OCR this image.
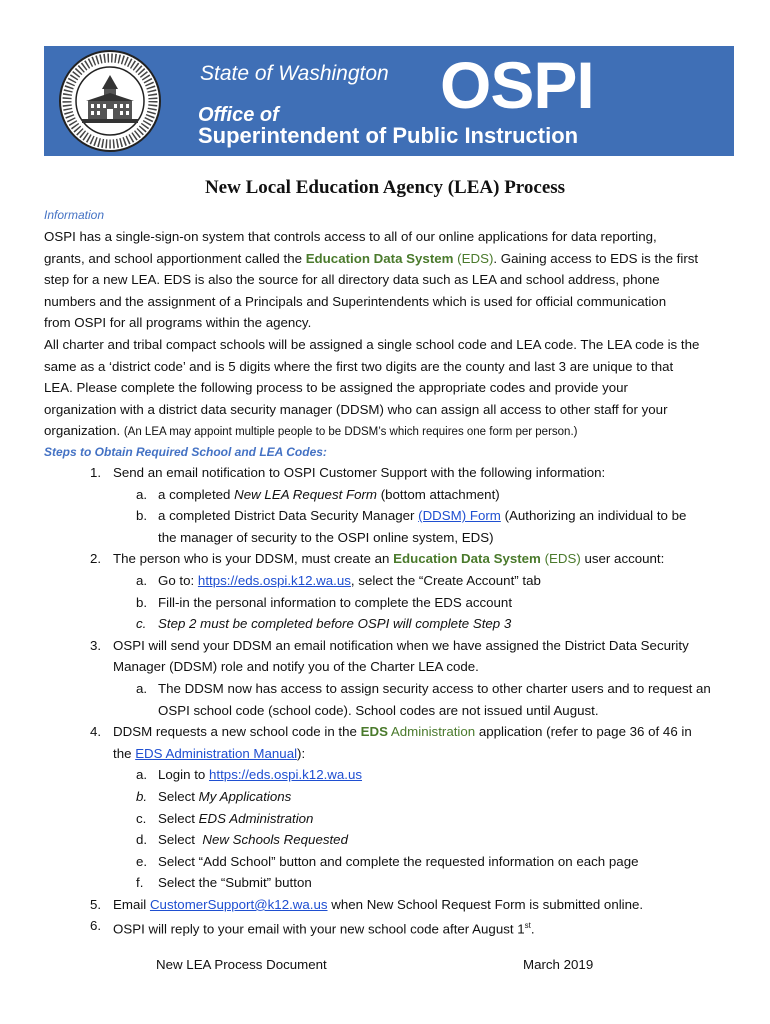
State of Washington
Office of
Superintendent of Public Instruction
OSPI
New Local Education Agency (LEA) Process
Information
OSPI has a single-sign-on system that controls access to all of our online applications for data reporting,
grants, and school apportionment called the Education Data System (EDS). Gaining access to EDS is the first
step for a new LEA. EDS is also the source for all directory data such as LEA and school address, phone
numbers and the assignment of a Principals and Superintendents which is used for official communication
from OSPI for all programs within the agency.
All charter and tribal compact schools will be assigned a single school code and LEA code. The LEA code is the
same as a ‘district code’ and is 5 digits where the first two digits are the county and last 3 are unique to that
LEA. Please complete the following process to be assigned the appropriate codes and provide your
organization with a district data security manager (DDSM) who can assign all access to other staff for your
organization. (An LEA may appoint multiple people to be DDSM’s which requires one form per person.)
Steps to Obtain Required School and LEA Codes:
1. Send an email notification to OSPI Customer Support with the following information:
a. a completed New LEA Request Form (bottom attachment)
b. a completed District Data Security Manager (DDSM) Form (Authorizing an individual to be
the manager of security to the OSPI online system, EDS)
2. The person who is your DDSM, must create an Education Data System (EDS) user account:
a. Go to: https://eds.ospi.k12.wa.us, select the “Create Account” tab
b. Fill-in the personal information to complete the EDS account
c. Step 2 must be completed before OSPI will complete Step 3
3. OSPI will send your DDSM an email notification when we have assigned the District Data Security
Manager (DDSM) role and notify you of the Charter LEA code.
a. The DDSM now has access to assign security access to other charter users and to request an
OSPI school code (school code). School codes are not issued until August.
4. DDSM requests a new school code in the EDS Administration application (refer to page 36 of 46 in
the EDS Administration Manual):
a. Login to https://eds.ospi.k12.wa.us
b. Select My Applications
c. Select EDS Administration
d. Select  New Schools Requested
e. Select “Add School” button and complete the requested information on each page
f. Select the “Submit” button
5. Email CustomerSupport@k12.wa.us when New School Request Form is submitted online.
6. OSPI will reply to your email with your new school code after August 1st.
New LEA Process Document	March 2019
